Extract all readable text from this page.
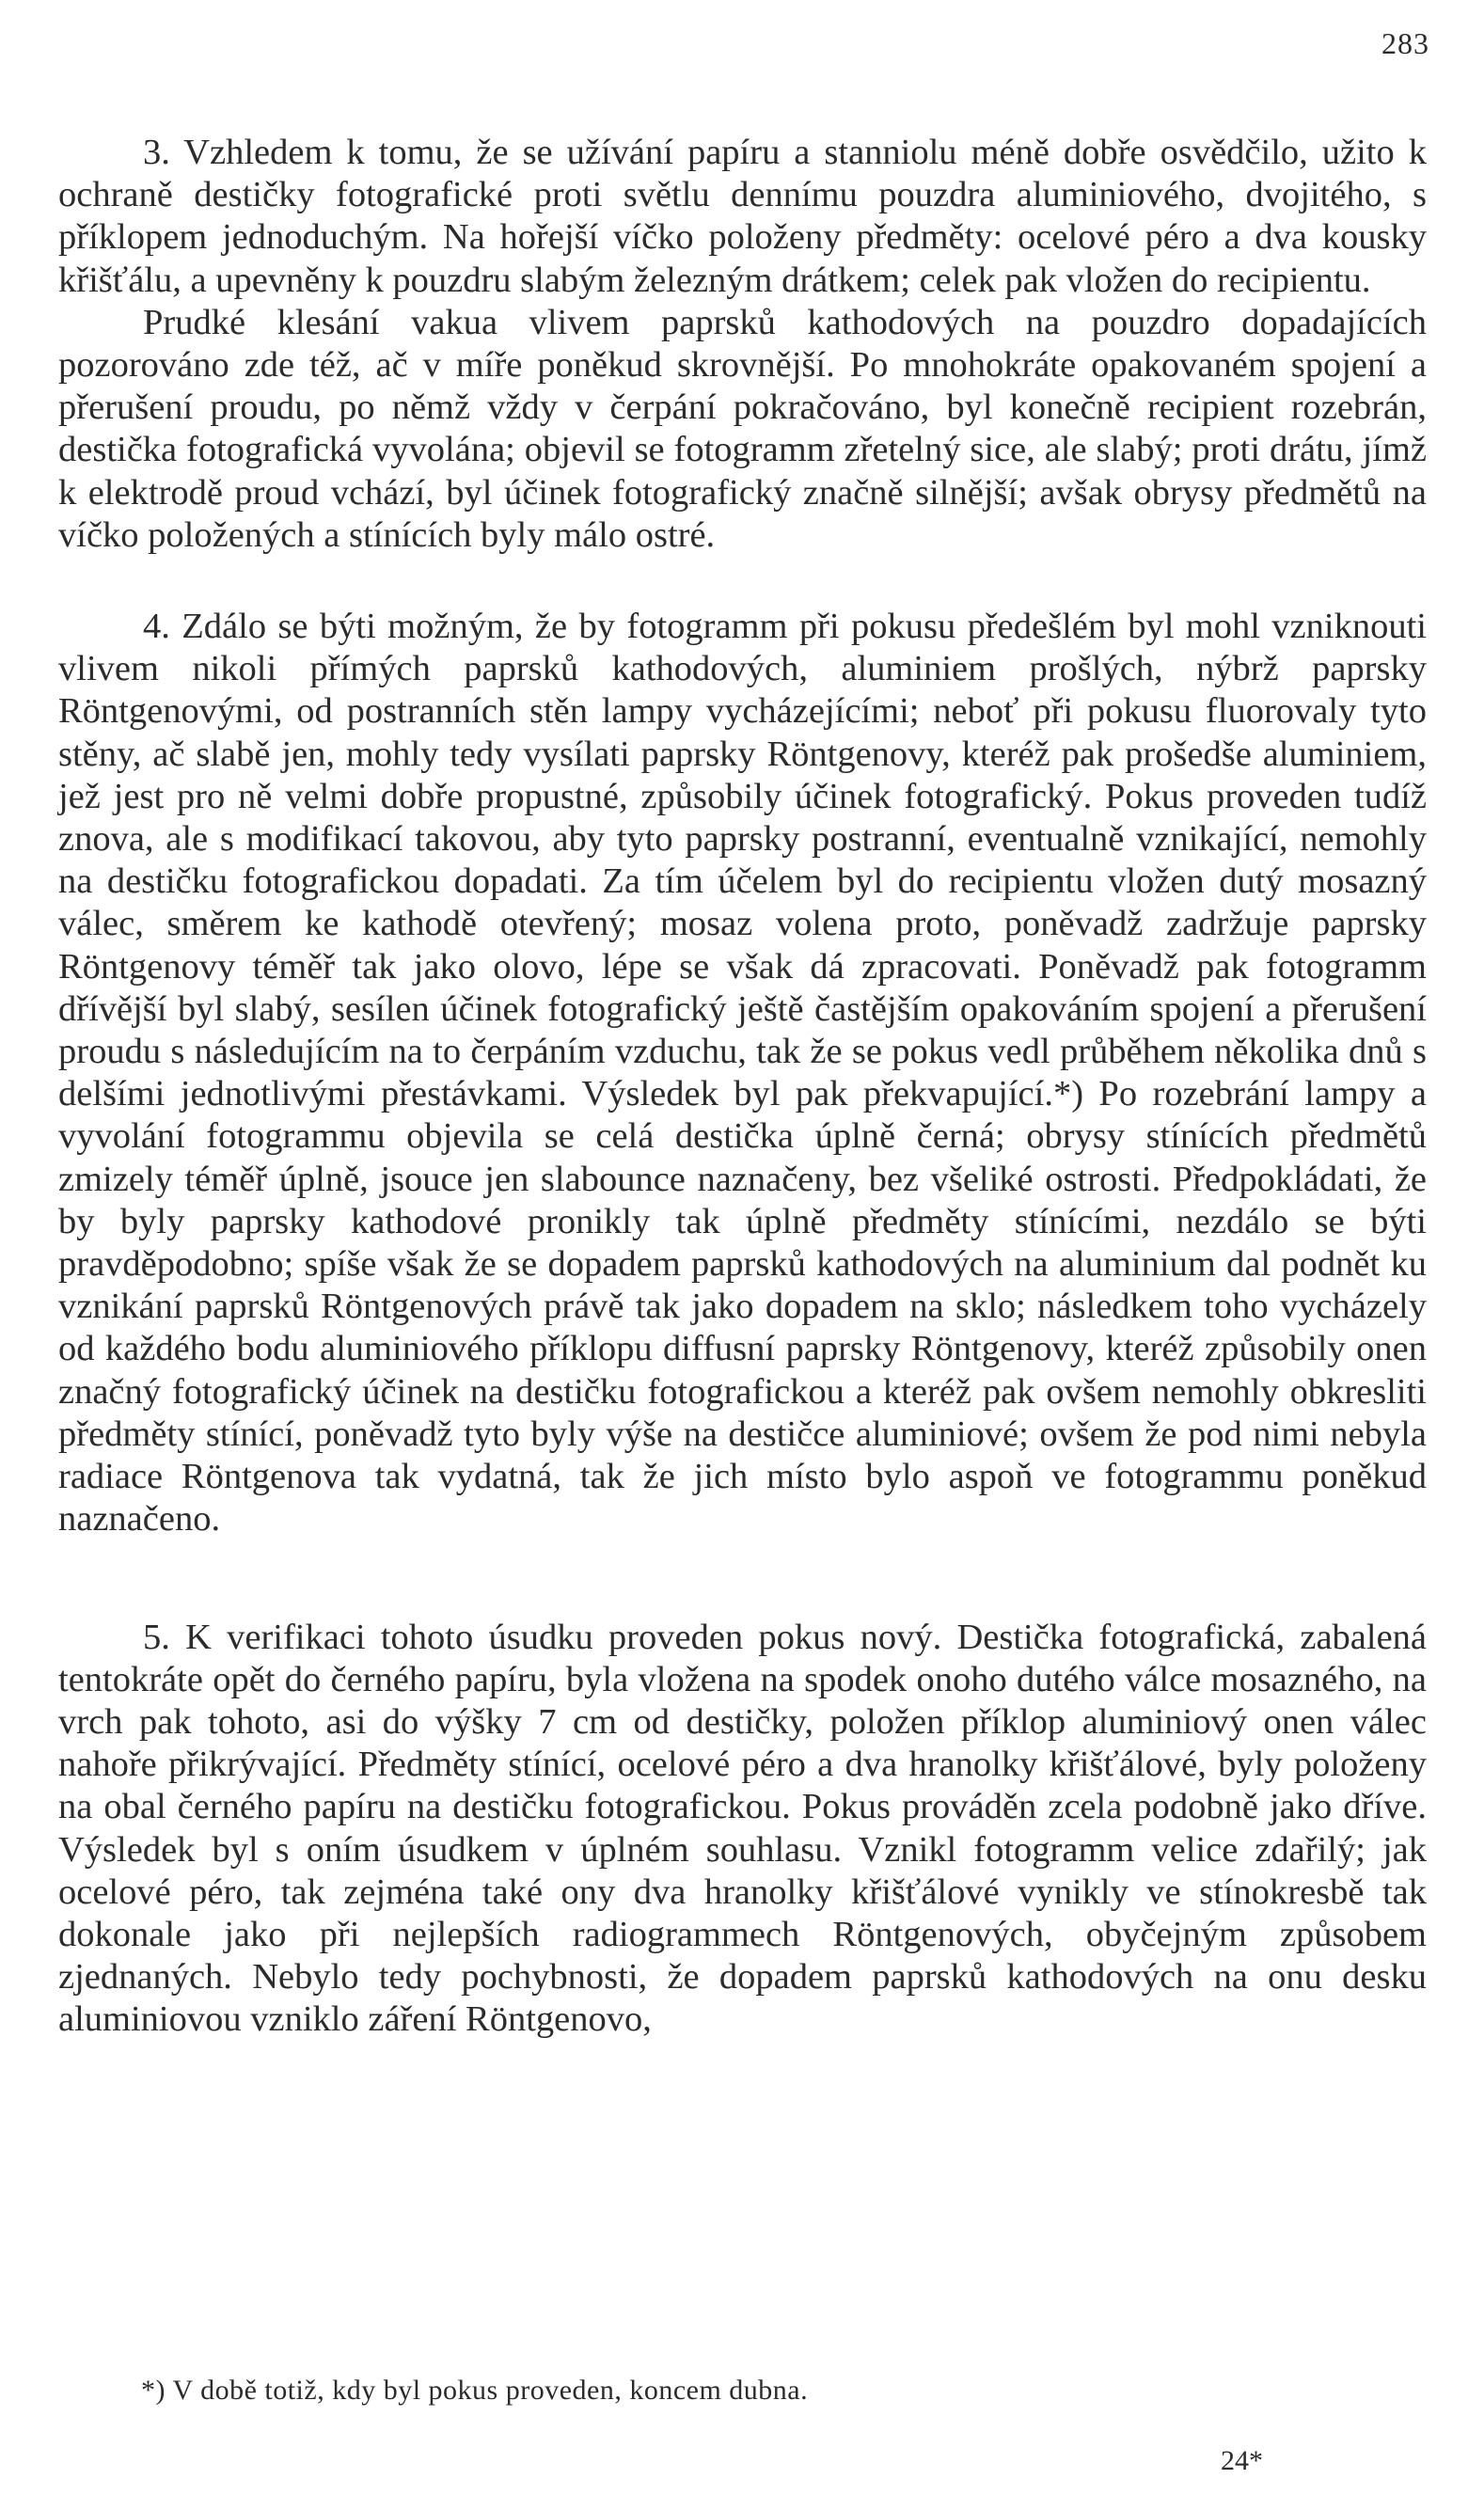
283

3. Vzhledem k tomu, že se užívání papíru a stanniolu méně dobře osvědčilo, užito k ochraně destičky fotografické proti světlu dennímu pouzdra aluminiového, dvojitého, s příklopem jednoduchým. Na hořejší víčko položeny předměty: ocelové péro a dva kousky křišťálu, a upevněny k pouzdru slabým železným drátkem; celek pak vložen do recipientu.

Prudké klesání vakua vlivem paprsků kathodových na pouzdro dopadajících pozorováno zde též, ač v míře poněkud skrovnější. Po mnohokráte opakovaném spojení a přerušení proudu, po němž vždy v čerpání pokračováno, byl konečně recipient rozebrán, destička fotografická vyvolána; objevil se fotogramm zřetelný sice, ale slabý; proti drátu, jímž k elektrodě proud vchází, byl účinek fotografický značně silnější; avšak obrysy předmětů na víčko položených a stínících byly málo ostré.

4. Zdálo se býti možným, že by fotogramm při pokusu předešlém byl mohl vzniknouti vlivem nikoli přímých paprsků kathodových, aluminiem prošlých, nýbrž paprsky Röntgenovými, od postranních stěn lampy vycházejícími; neboť při pokusu fluorovaly tyto stěny, ač slabě jen, mohly tedy vysílati paprsky Röntgenovy, kteréž pak prošedše aluminiem, jež jest pro ně velmi dobře propustné, způsobily účinek fotografický. Pokus proveden tudíž znova, ale s modifikací takovou, aby tyto paprsky postranní, eventualně vznikající, nemohly na destičku fotografickou dopadati. Za tím účelem byl do recipientu vložen dutý mosazný válec, směrem ke kathodě otevřený; mosaz volena proto, poněvadž zadržuje paprsky Röntgenovy téměř tak jako olovo, lépe se však dá zpracovati. Poněvadž pak fotogramm dřívější byl slabý, sesílen účinek fotografický ještě častějším opakováním spojení a přerušení proudu s následujícím na to čerpáním vzduchu, tak že se pokus vedl průběhem několika dnů s delšími jednotlivými přestávkami. Výsledek byl pak překvapující.*) Po rozebrání lampy a vyvolání fotogrammu objevila se celá destička úplně černá; obrysy stínících předmětů zmizely téměř úplně, jsouce jen slabounce naznačeny, bez všeliké ostrosti. Předpokládati, že by byly paprsky kathodové pronikly tak úplně předměty stínícími, nezdálo se býti pravděpodobno; spíše však že se dopadem paprsků kathodových na aluminium dal podnět ku vznikání paprsků Röntgenových právě tak jako dopadem na sklo; následkem toho vycházely od každého bodu aluminiového příklopu diffusní paprsky Röntgenovy, kteréž způsobily onen značný fotografický účinek na destičku fotografickou a kteréž pak ovšem nemohly obkresliti předměty stínící, poněvadž tyto byly výše na destičce aluminiové; ovšem že pod nimi nebyla radiace Röntgenova tak vydatná, tak že jich místo bylo aspoň ve fotogrammu poněkud naznačeno.

5. K verifikaci tohoto úsudku proveden pokus nový. Destička fotografická, zabalená tentokráte opět do černého papíru, byla vložena na spodek onoho dutého válce mosazného, na vrch pak tohoto, asi do výšky 7 cm od destičky, položen příklop aluminiový onen válec nahoře přikrývající. Předměty stínící, ocelové péro a dva hranolky křišťálové, byly položeny na obal černého papíru na destičku fotografickou. Pokus prováděn zcela podobně jako dříve. Výsledek byl s oním úsudkem v úplném souhlasu. Vznikl fotogramm velice zdařilý; jak ocelové péro, tak zejména také ony dva hranolky křišťálové vynikly ve stínokresbě tak dokonale jako při nejlepších radiogrammech Röntgenových, obyčejným způsobem zjednaných. Nebylo tedy pochybnosti, že dopadem paprsků kathodových na onu desku aluminiovou vzniklo záření Röntgenovo,

*) V době totiž, kdy byl pokus proveden, koncem dubna.
24*
